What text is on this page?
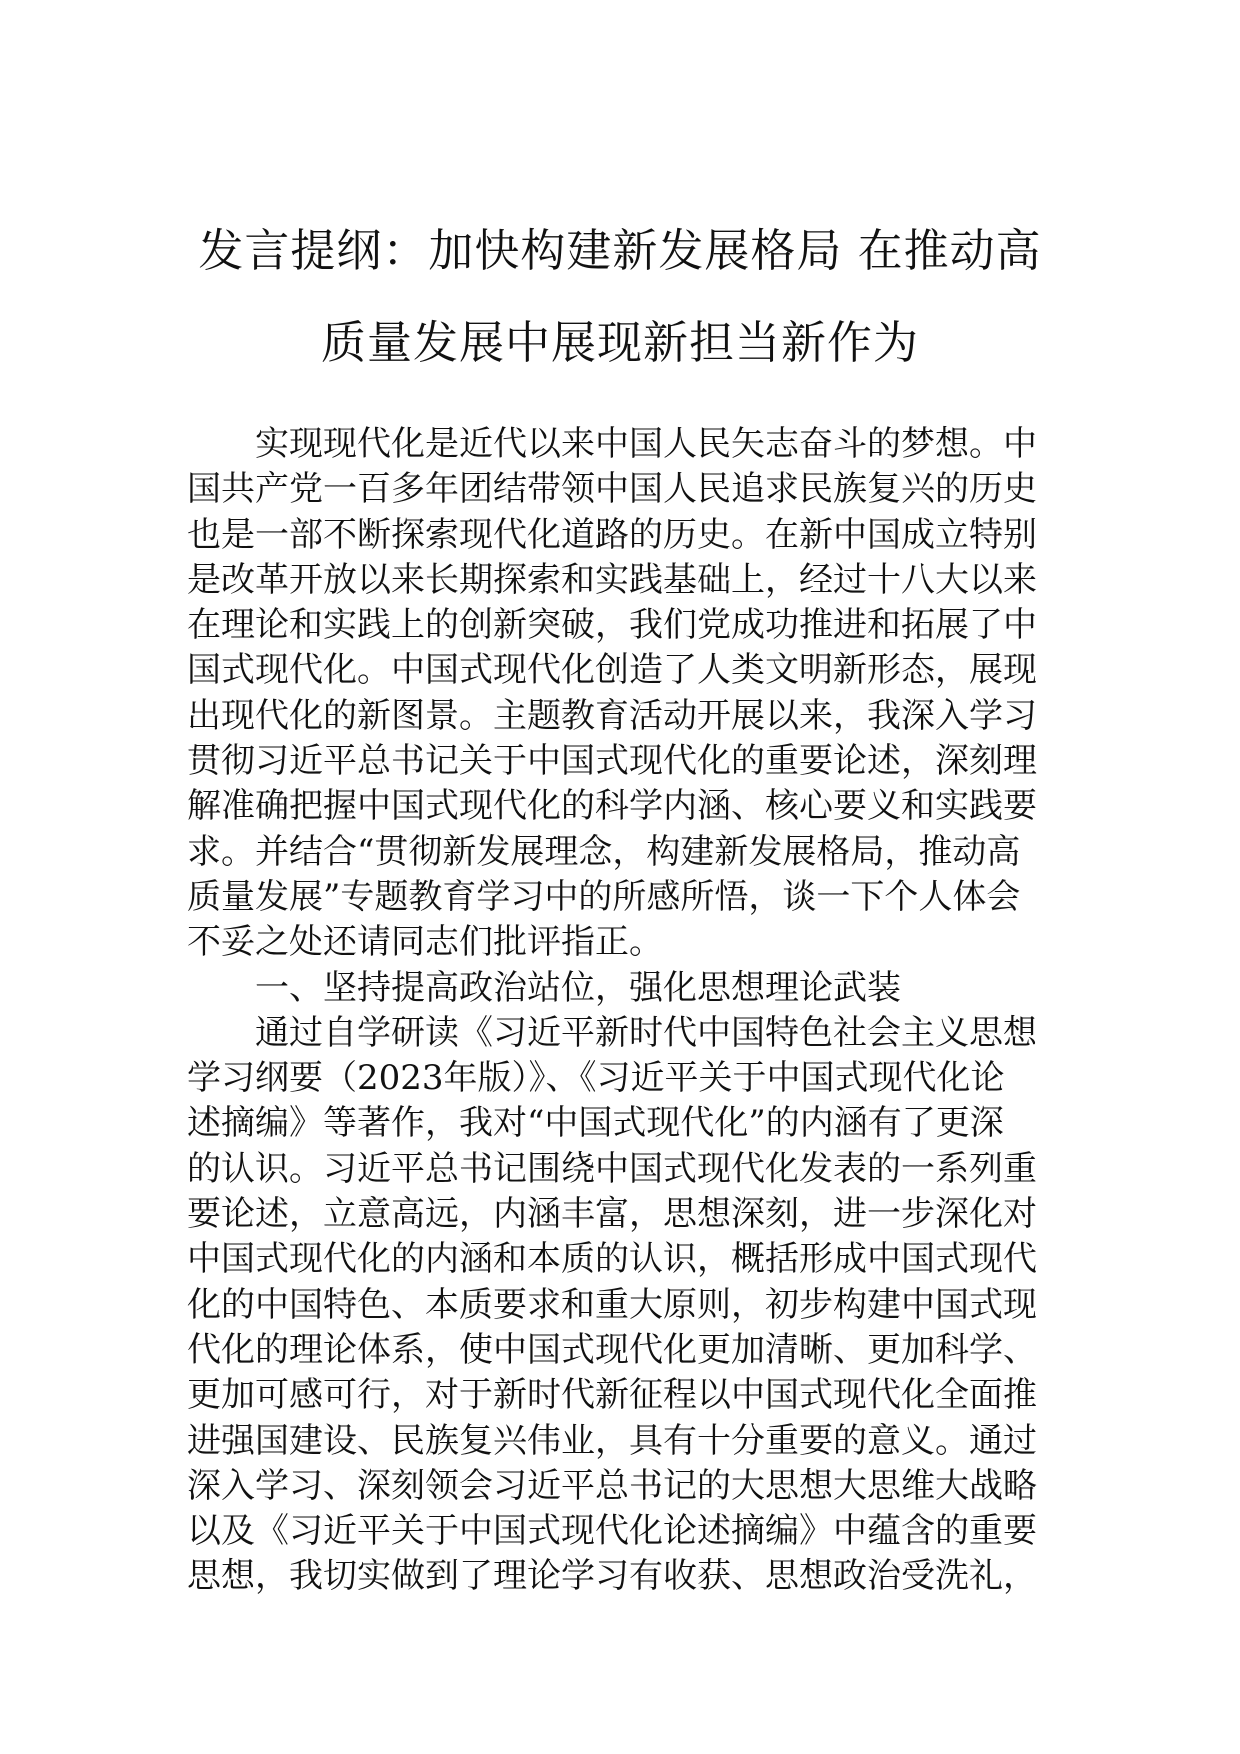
发言提纲：加快构建新发展格局 在推动高
质量发展中展现新担当新作为

实现现代化是近代以来中国人民矢志奋斗的梦想。中
国共产党一百多年团结带领中国人民追求民族复兴的历史
也是一部不断探索现代化道路的历史。在新中国成立特别
是改革开放以来长期探索和实践基础上，经过十八大以来
在理论和实践上的创新突破，我们党成功推进和拓展了中
国式现代化。中国式现代化创造了人类文明新形态，展现
出现代化的新图景。主题教育活动开展以来，我深入学习
贯彻习近平总书记关于中国式现代化的重要论述，深刻理
解准确把握中国式现代化的科学内涵、核心要义和实践要
求。并结合“贯彻新发展理念，构建新发展格局，推动高
质量发展”专题教育学习中的所感所悟，谈一下个人体会
不妥之处还请同志们批评指正。

一、坚持提高政治站位，强化思想理论武装

通过自学研读《习近平新时代中国特色社会主义思想
学习纲要（2023年版）》、《习近平关于中国式现代化论
述摘编》等著作，我对“中国式现代化”的内涵有了更深
的认识。习近平总书记围绕中国式现代化发表的一系列重
要论述，立意高远，内涵丰富，思想深刻，进一步深化对
中国式现代化的内涵和本质的认识，概括形成中国式现代
化的中国特色、本质要求和重大原则，初步构建中国式现
代化的理论体系，使中国式现代化更加清晰、更加科学、
更加可感可行，对于新时代新征程以中国式现代化全面推
进强国建设、民族复兴伟业，具有十分重要的意义。通过
深入学习、深刻领会习近平总书记的大思想大思维大战略
以及《习近平关于中国式现代化论述摘编》中蕴含的重要
思想，我切实做到了理论学习有收获、思想政治受洗礼，
